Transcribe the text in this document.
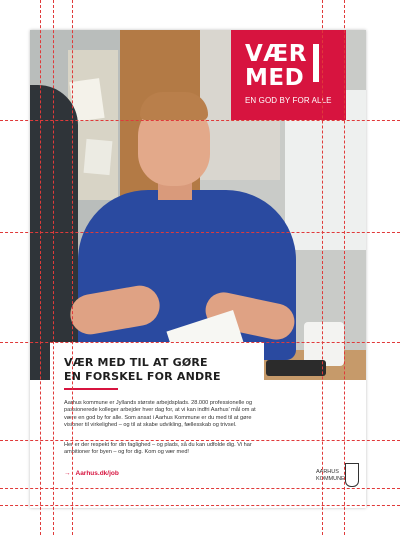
VÆR
MED
EN GOD BY FOR ALLE
VÆR MED TIL AT GØRE
EN FORSKEL FOR ANDRE
Aarhus kommune er Jyllands største arbejdsplads. 28.000 professionelle og passionerede kolleger arbejder hver dag for, at vi kan indfri Aarhus’ mål om at være en god by for alle. Som ansat i Aarhus Kommune er du med til at gøre visioner til virkelighed – og til at skabe udvikling, fællesskab og trivsel.
Her er der respekt for din faglighed – og plads, så du kan udfolde dig. Vi har ambitioner for byen – og for dig. Kom og vær med!
→ Aarhus.dk/job	AARHUS
KOMMUNE
